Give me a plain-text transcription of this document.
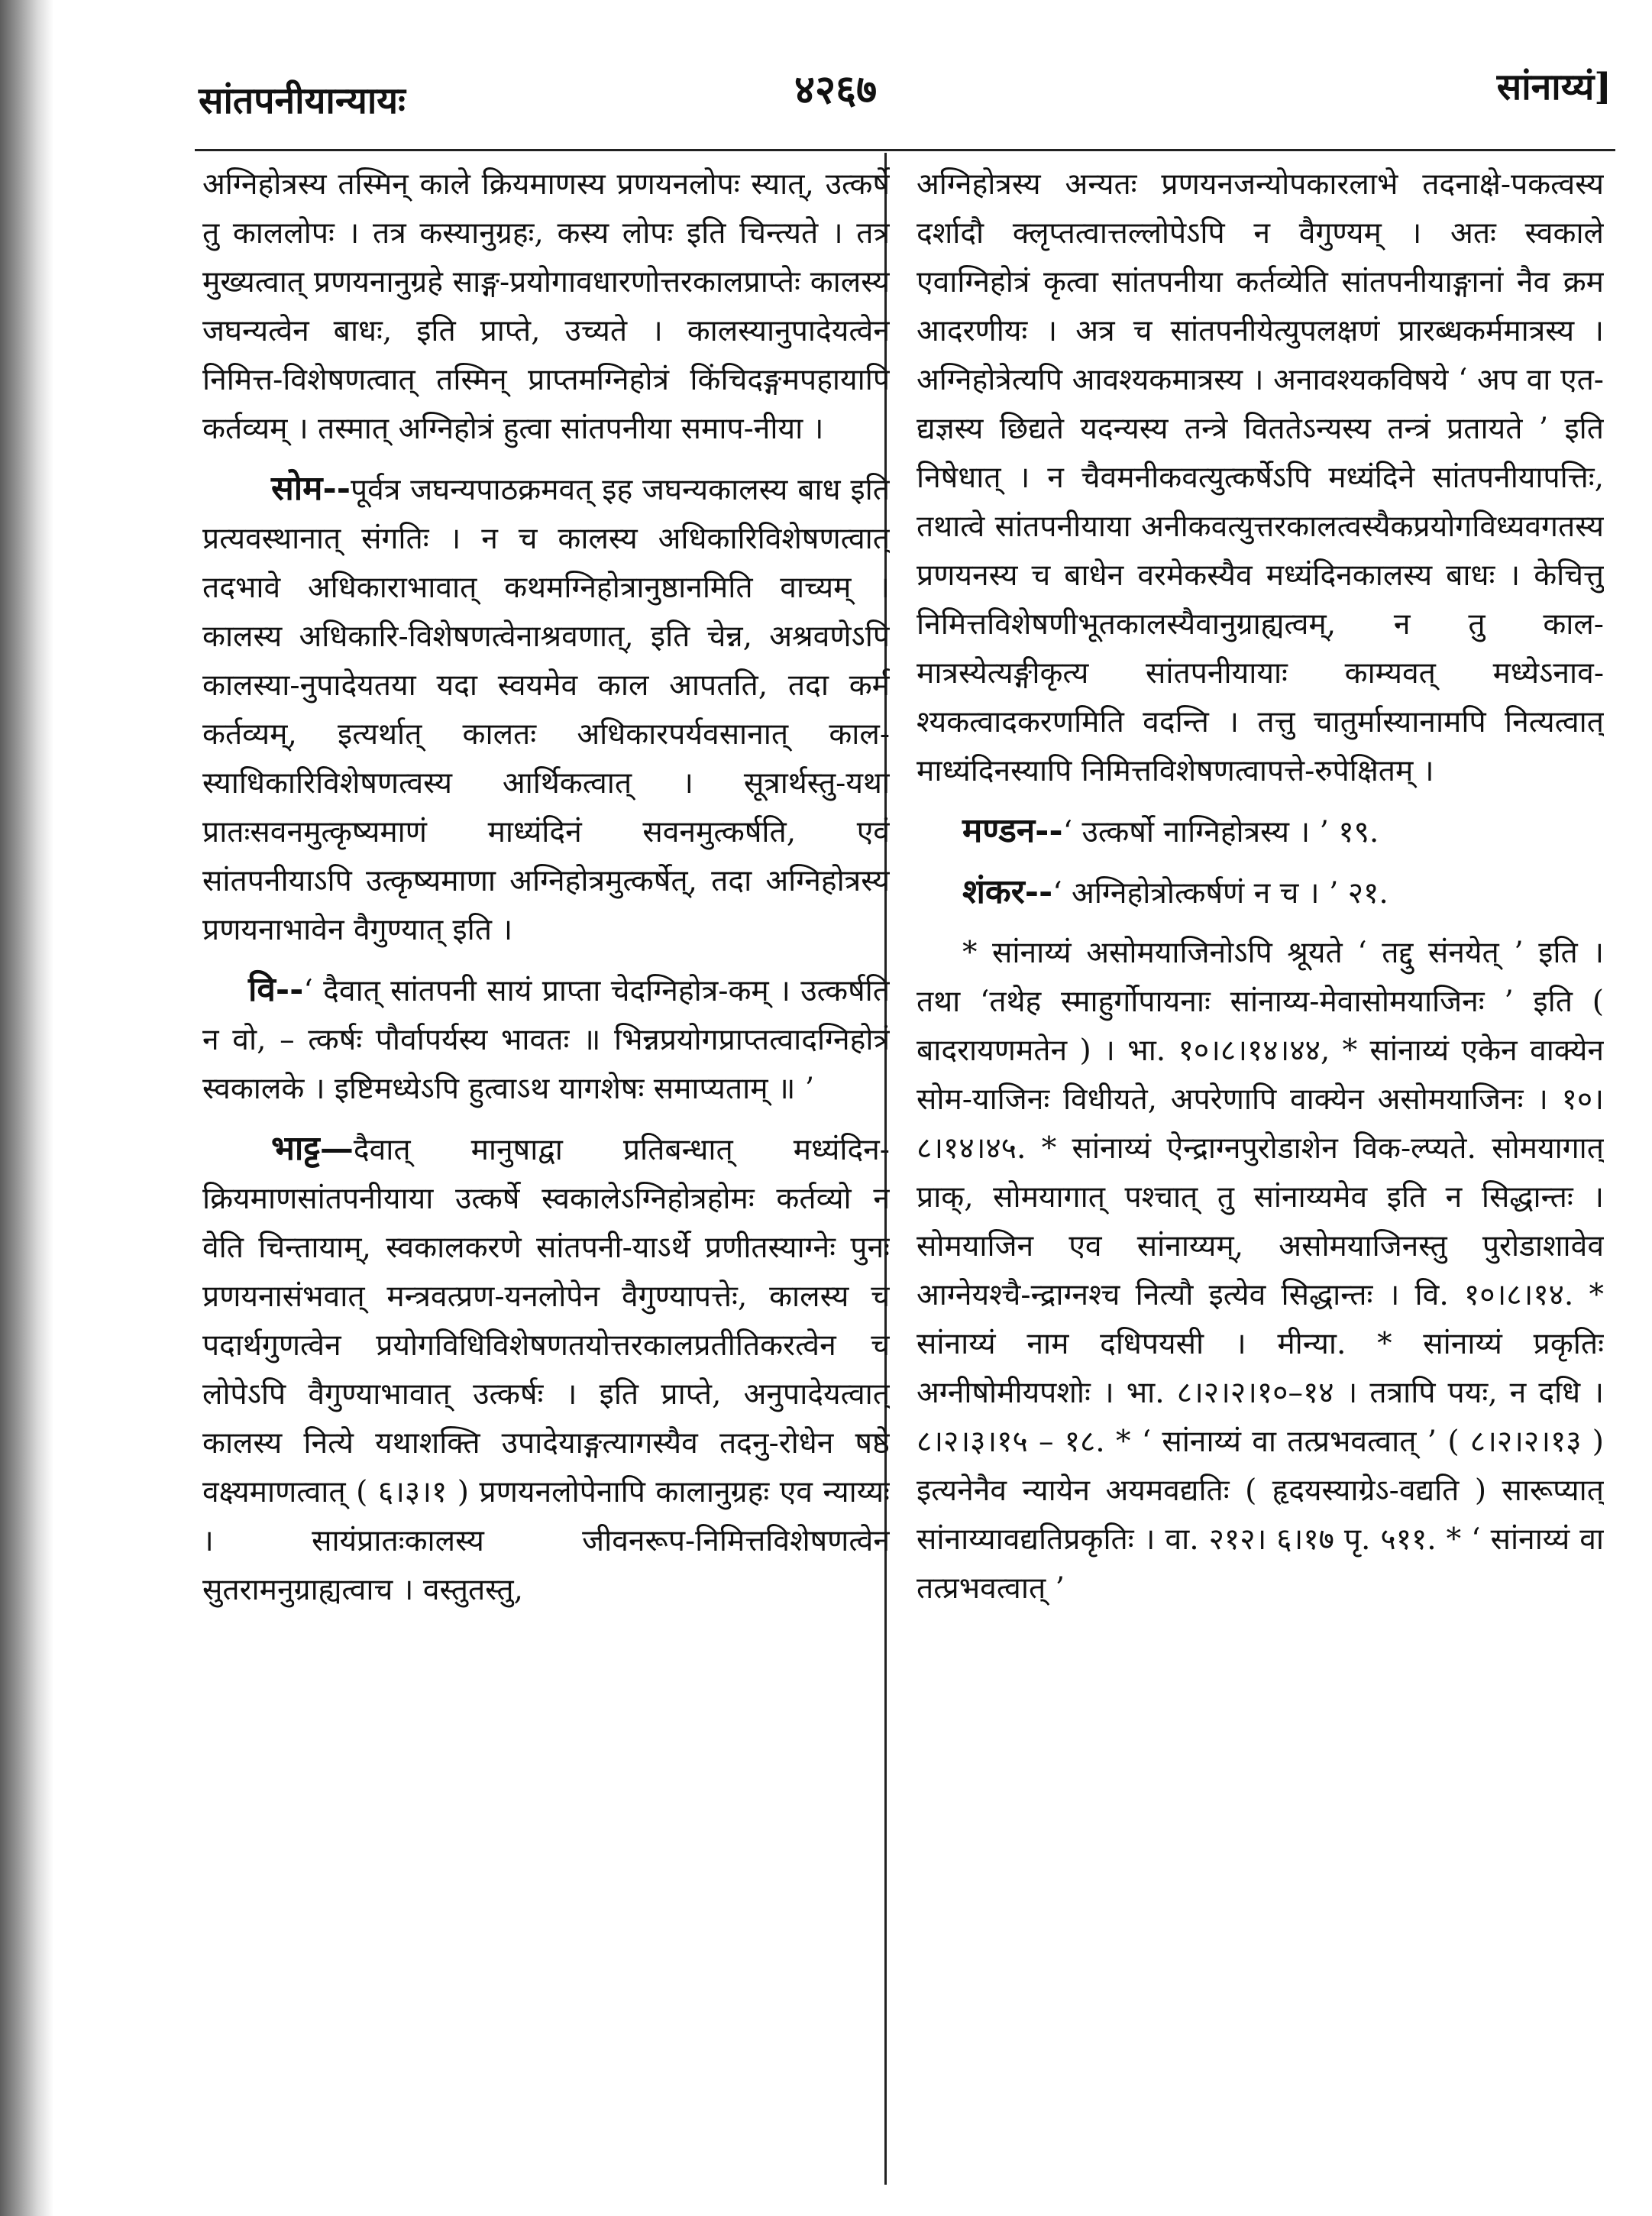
सांतपनीयान्यायः	४२६७	सांनाय्यं]

अग्निहोत्रस्य तस्मिन् काले क्रियमाणस्य प्रणयनलोपः स्यात्, उत्कर्षे तु काललोपः । तत्र कस्यानुग्रहः, कस्य लोपः इति चिन्त्यते । तत्र मुख्यत्वात् प्रणयनानुग्रहे साङ्ग-प्रयोगावधारणोत्तरकालप्राप्तेः कालस्य जघन्यत्वेन बाधः, इति प्राप्ते, उच्यते । कालस्यानुपादेयत्वेन निमित्त-विशेषणत्वात् तस्मिन् प्राप्तमग्निहोत्रं किंचिदङ्गमपहायापि कर्तव्यम् । तस्मात् अग्निहोत्रं हुत्वा सांतपनीया समाप-नीया ।

सोम--पूर्वत्र जघन्यपाठक्रमवत् इह जघन्यकालस्य बाध इति प्रत्यवस्थानात् संगतिः । न च कालस्य अधिकारिविशेषणत्वात् तदभावे अधिकाराभावात् कथमग्निहोत्रानुष्ठानमिति वाच्यम् । कालस्य अधिकारि-विशेषणत्वेनाश्रवणात्, इति चेन्न, अश्रवणेऽपि कालस्या-नुपादेयतया यदा स्वयमेव काल आपतति, तदा कर्म कर्तव्यम्, इत्यर्थात् कालतः अधिकारपर्यवसानात् काल-स्याधिकारिविशेषणत्वस्य आर्थिकत्वात् । सूत्रार्थस्तु-यथा प्रातःसवनमुत्कृष्यमाणं माध्यंदिनं सवनमुत्कर्षति, एवं सांतपनीयाऽपि उत्कृष्यमाणा अग्निहोत्रमुत्कर्षेत्, तदा अग्निहोत्रस्य प्रणयनाभावेन वैगुण्यात् इति ।

वि--‘ दैवात् सांतपनी सायं प्राप्ता चेदग्निहोत्र-कम् । उत्कर्षति न वो, – त्कर्षः पौर्वापर्यस्य भावतः ॥ भिन्नप्रयोगप्राप्तत्वादग्निहोत्रं स्वकालके । इष्टिमध्येऽपि हुत्वाऽथ यागशेषः समाप्यताम् ॥ ’

भाट्ट—दैवात् मानुषाद्वा प्रतिबन्धात् मध्यंदिन-क्रियमाणसांतपनीयाया उत्कर्षे स्वकालेऽग्निहोत्रहोमः कर्तव्यो न वेति चिन्तायाम्, स्वकालकरणे सांतपनी-याऽर्थे प्रणीतस्याग्नेः पुनः प्रणयनासंभवात् मन्त्रवत्प्रण-यनलोपेन वैगुण्यापत्तेः, कालस्य च पदार्थगुणत्वेन प्रयोगविधिविशेषणतयोत्तरकालप्रतीतिकरत्वेन च लोपेऽपि वैगुण्याभावात् उत्कर्षः । इति प्राप्ते, अनुपादेयत्वात् कालस्य नित्ये यथाशक्ति उपादेयाङ्गत्यागस्यैव तदनु-रोधेन षष्ठे वक्ष्यमाणत्वात् ( ६।३।१ ) प्रणयनलोपेनापि कालानुग्रहः एव न्याय्यः । सायंप्रातःकालस्य जीवनरूप-निमित्तविशेषणत्वेन सुतरामनुग्राह्यत्वाच । वस्तुतस्तु,

अग्निहोत्रस्य अन्यतः प्रणयनजन्योपकारलाभे तदनाक्षे-पकत्वस्य दर्शादौ क्लृप्तत्वात्तल्लोपेऽपि न वैगुण्यम् । अतः स्वकाले एवाग्निहोत्रं कृत्वा सांतपनीया कर्तव्येति सांतपनीयाङ्गानां नैव क्रम आदरणीयः । अत्र च सांतपनीयेत्युपलक्षणं प्रारब्धकर्ममात्रस्य । अग्निहोत्रेत्यपि आवश्यकमात्रस्य । अनावश्यकविषये ‘ अप वा एत-द्यज्ञस्य छिद्यते यदन्यस्य तन्त्रे विततेऽन्यस्य तन्त्रं प्रतायते ’ इति निषेधात् । न चैवमनीकवत्युत्कर्षेऽपि मध्यंदिने सांतपनीयापत्तिः, तथात्वे सांतपनीयाया अनीकवत्युत्तरकालत्वस्यैकप्रयोगविध्यवगतस्य प्रणयनस्य च बाधेन वरमेकस्यैव मध्यंदिनकालस्य बाधः । केचित्तु निमित्तविशेषणीभूतकालस्यैवानुग्राह्यत्वम्, न तु काल-मात्रस्येत्यङ्गीकृत्य सांतपनीयायाः काम्यवत् मध्येऽनाव-श्यकत्वादकरणमिति वदन्ति । तत्तु चातुर्मास्यानामपि नित्यत्वात् माध्यंदिनस्यापि निमित्तविशेषणत्वापत्ते-रुपेक्षितम् ।

मण्डन--‘ उत्कर्षो नाग्निहोत्रस्य । ’ १९.

शंकर--‘ अग्निहोत्रोत्कर्षणं न च । ’ २१.

* सांनाय्यं असोमयाजिनोऽपि श्रूयते ‘ तद्दु संनयेत् ’ इति । तथा ‘तथेह स्माहुर्गोपायनाः सांनाय्य-मेवासोमयाजिनः ’ इति ( बादरायणमतेन ) । भा. १०।८।१४।४४, * सांनाय्यं एकेन वाक्येन सोम-याजिनः विधीयते, अपरेणापि वाक्येन असोमयाजिनः । १०।८।१४।४५. * सांनाय्यं ऐन्द्राग्नपुरोडाशेन विक-ल्प्यते. सोमयागात् प्राक्, सोमयागात् पश्चात् तु सांनाय्यमेव इति न सिद्धान्तः । सोमयाजिन एव सांनाय्यम्, असोमयाजिनस्तु पुरोडाशावेव आग्नेयश्चै-न्द्राग्नश्च नित्यौ इत्येव सिद्धान्तः । वि. १०।८।१४. * सांनाय्यं नाम दधिपयसी । मीन्या. * सांनाय्यं प्रकृतिः अग्नीषोमीयपशोः । भा. ८।२।२।१०–१४ । तत्रापि पयः, न दधि । ८।२।३।१५ – १८. * ‘ सांनाय्यं वा तत्प्रभवत्वात् ’ ( ८।२।२।१३ ) इत्यनेनैव न्यायेन अयमवद्यतिः ( हृदयस्याग्रेऽ-वद्यति ) सारूप्यात् सांनाय्यावद्यतिप्रकृतिः । वा. २१२। ६।१७ पृ. ५११. * ‘ सांनाय्यं वा तत्प्रभवत्वात् ’
